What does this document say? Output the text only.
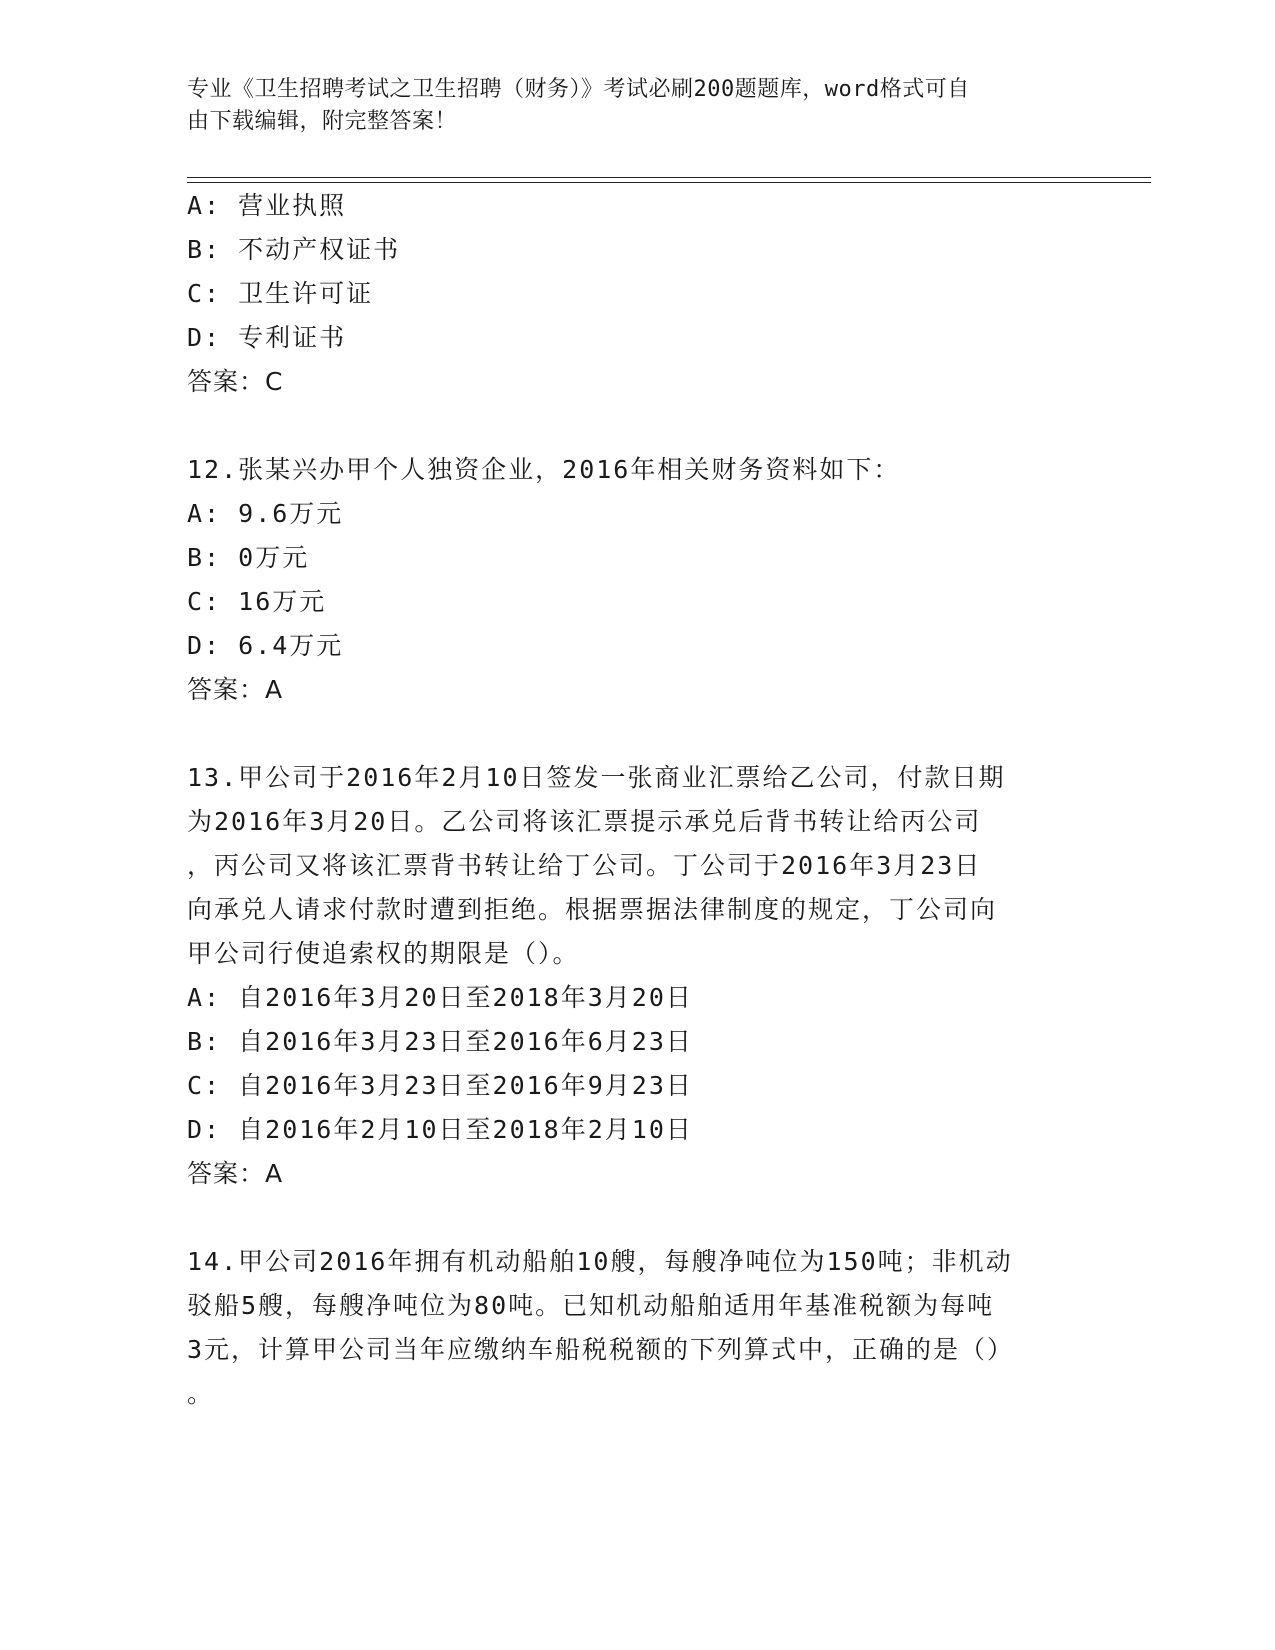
专业《卫生招聘考试之卫生招聘（财务）》考试必刷200题题库，word格式可自
由下载编辑，附完整答案！
A: 营业执照
B: 不动产权证书
C: 卫生许可证
D: 专利证书
答案：C
12.张某兴办甲个人独资企业，2016年相关财务资料如下：
A: 9.6万元
B: 0万元
C: 16万元
D: 6.4万元
答案：A
13.甲公司于2016年2月10日签发一张商业汇票给乙公司，付款日期
为2016年3月20日。乙公司将该汇票提示承兑后背书转让给丙公司
，丙公司又将该汇票背书转让给丁公司。丁公司于2016年3月23日
向承兑人请求付款时遭到拒绝。根据票据法律制度的规定，丁公司向
甲公司行使追索权的期限是（）。
A: 自2016年3月20日至2018年3月20日
B: 自2016年3月23日至2016年6月23日
C: 自2016年3月23日至2016年9月23日
D: 自2016年2月10日至2018年2月10日
答案：A
14.甲公司2016年拥有机动船舶10艘，每艘净吨位为150吨；非机动
驳船5艘，每艘净吨位为80吨。已知机动船舶适用年基准税额为每吨
3元，计算甲公司当年应缴纳车船税税额的下列算式中，正确的是（）
。
